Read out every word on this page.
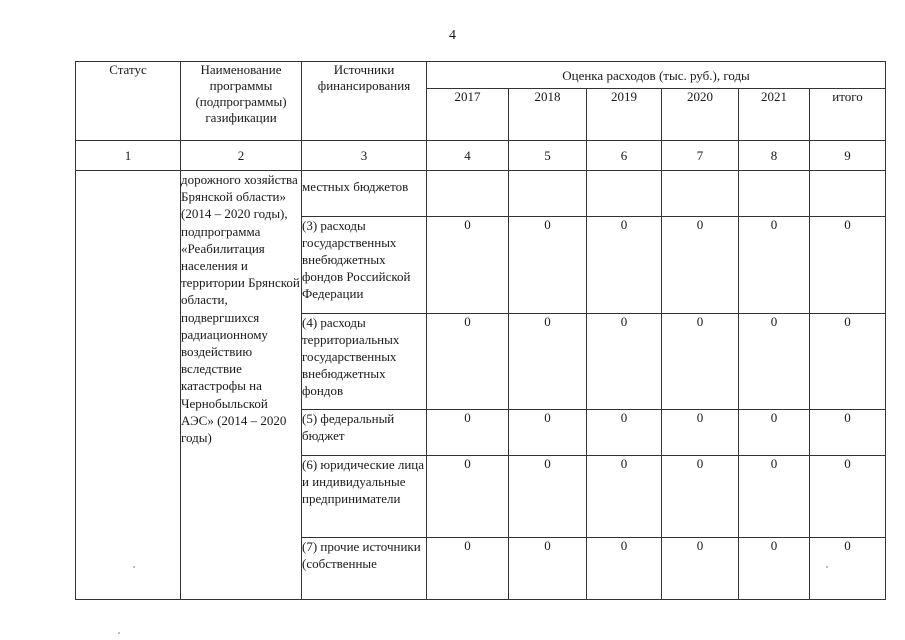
4
Статус	Наименование программы (подпрограммы) газификации	Источники финансирования	Оценка расходов (тыс. руб.), годы					
			2017	2018	2019	2020	2021	итого
1	2	3	4	5	6	7	8	9
	дорожного хозяйства Брянской области» (2014 – 2020 годы), подпрограмма «Реабилитация населения и территории Брянской области, подвергшихся радиационному воздействию вследствие катастрофы на Чернобыльской АЭС» (2014 – 2020 годы)	местных бюджетов						
		(3) расходы государственных внебюджетных фондов Российской Федерации	0	0	0	0	0	0
		(4) расходы территориальных государственных внебюджетных фондов	0	0	0	0	0	0
		(5) федеральный бюджет	0	0	0	0	0	0
		(6) юридические лица и индивидуальные предприниматели	0	0	0	0	0	0
		(7) прочие источники (собственные	0	0	0	0	0	0
